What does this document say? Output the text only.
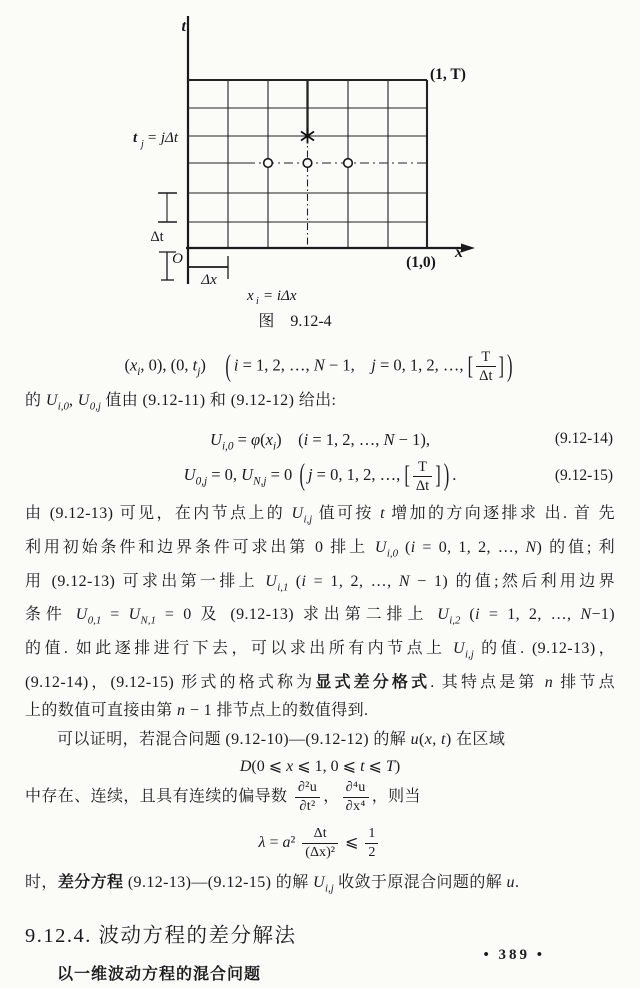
t
(1, T)
t j = jΔt
Δt
O
Δx
(1,0)
x
x i = iΔx
图　9.12-4
($x_i$, 0), (0, $t_j$)　( i = 1, 2, …, N − 1,　j = 0, 1, 2, …, [ $\frac{T}{\Delta t}$ ] )
的 $U_{i,0}$, $U_{0,j}$ 值由 (9.12-11) 和 (9.12-12) 给出:
$U_{i,0} = \varphi(x_i)$　(i = 1, 2, …, N − 1),	(9.12-14)
$U_{0,j} = 0$, $U_{N,j} = 0$ ( j = 0, 1, 2, …, [ $\frac{T}{\Delta t}$ ] ) .	(9.12-15)
由 (9.12-13) 可见，在内节点上的 $U_{i,j}$ 值可按 t 增加的方向逐排求 出. 首 先
利用初始条件和边界条件可求出第 0 排上 $U_{i,0}$ (i = 0, 1, 2, …, N) 的值; 利
用 (9.12-13) 可求出第一排上 $U_{i,1}$ (i = 1, 2, …, N − 1) 的值;然后利用边界
条件 $U_{0,1} = U_{N,1} = 0$ 及 (9.12-13) 求出第二排上 $U_{i,2}$ (i = 1, 2, …, N−1)
的值. 如此逐排进行下去，可以求出所有内节点上 $U_{i,j}$ 的值. (9.12-13)，
(9.12-14)，(9.12-15) 形式的格式称为显式差分格式. 其特点是第 n 排节点
上的数值可直接由第 n − 1 排节点上的数值得到.
可以证明，若混合问题 (9.12-10)—(9.12-12) 的解 u(x, t) 在区域
D(0 ⩽ x ⩽ 1, 0 ⩽ t ⩽ T)
中存在、连续，且具有连续的偏导数 $\frac{\text{∂²u}}{\text{∂t²}}$ ， $\frac{\text{∂⁴u}}{\text{∂x⁴}}$ ，则当
$\lambda = a^2 \frac{\Delta t}{\text{(Δx)²}}$ ⩽ $\frac{1}{2}$
时，差分方程 (9.12-13)—(9.12-15) 的解 $U_{i,j}$ 收敛于原混合问题的解 u.
9.12.4. 波动方程的差分解法
以一维波动方程的混合问题
• 389 •
